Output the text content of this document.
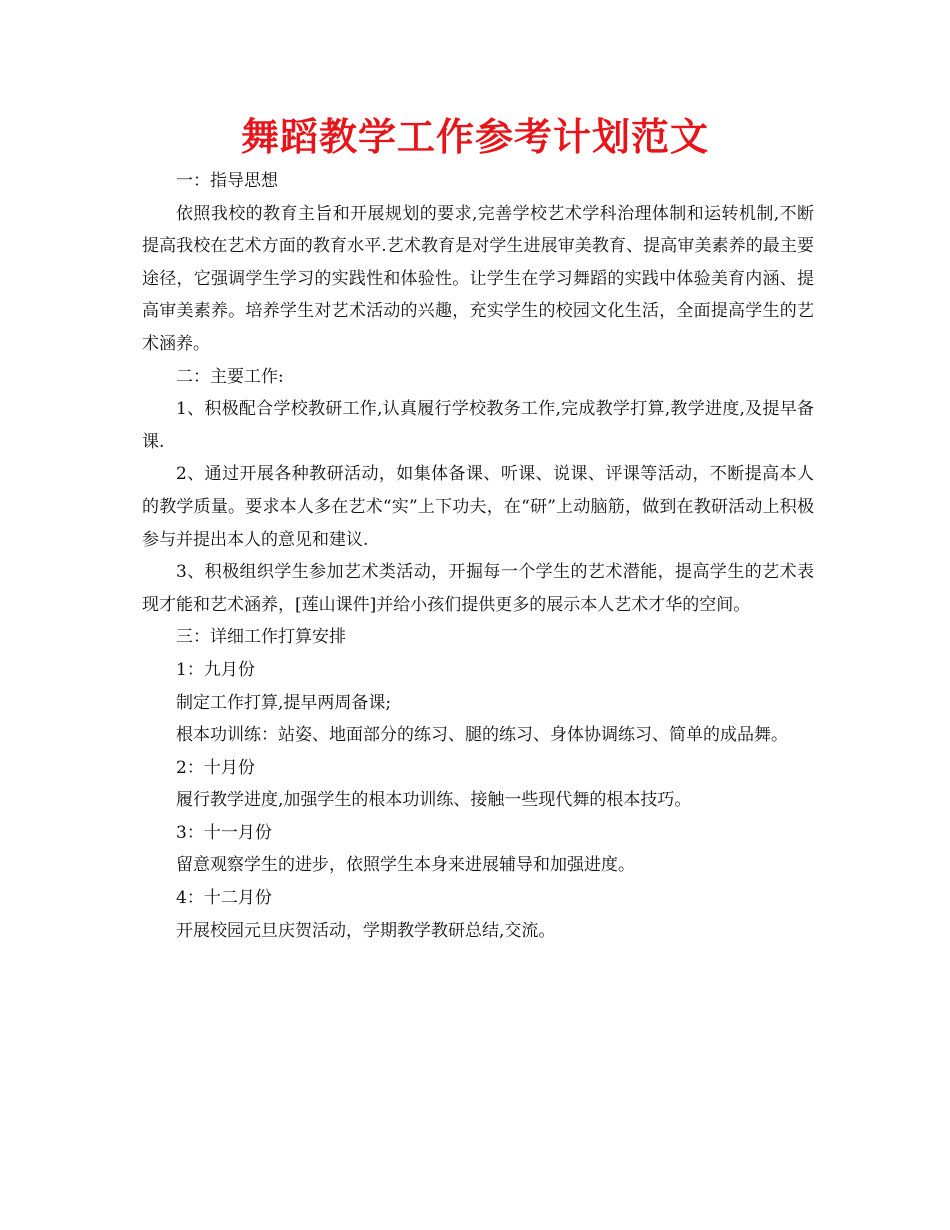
舞蹈教学工作参考计划范文

一：指导思想

依照我校的教育主旨和开展规划的要求,完善学校艺术学科治理体制和运转机制,不断提高我校在艺术方面的教育水平.艺术教育是对学生进展审美教育、提高审美素养的最主要途径，它强调学生学习的实践性和体验性。让学生在学习舞蹈的实践中体验美育内涵、提高审美素养。培养学生对艺术活动的兴趣，充实学生的校园文化生活，全面提高学生的艺术涵养。

二：主要工作:

1、积极配合学校教研工作,认真履行学校教务工作,完成教学打算,教学进度,及提早备课.

2、通过开展各种教研活动，如集体备课、听课、说课、评课等活动，不断提高本人的教学质量。要求本人多在艺术“实”上下功夫，在“研”上动脑筋，做到在教研活动上积极参与并提出本人的意见和建议.

3、积极组织学生参加艺术类活动，开掘每一个学生的艺术潜能，提高学生的艺术表现才能和艺术涵养，[莲山课件]并给小孩们提供更多的展示本人艺术才华的空间。

三：详细工作打算安排

1：九月份

制定工作打算,提早两周备课;

根本功训练：站姿、地面部分的练习、腿的练习、身体协调练习、简单的成品舞。

2：十月份

履行教学进度,加强学生的根本功训练、接触一些现代舞的根本技巧。

3：十一月份

留意观察学生的进步，依照学生本身来进展辅导和加强进度。

4：十二月份

开展校园元旦庆贺活动，学期教学教研总结,交流。
